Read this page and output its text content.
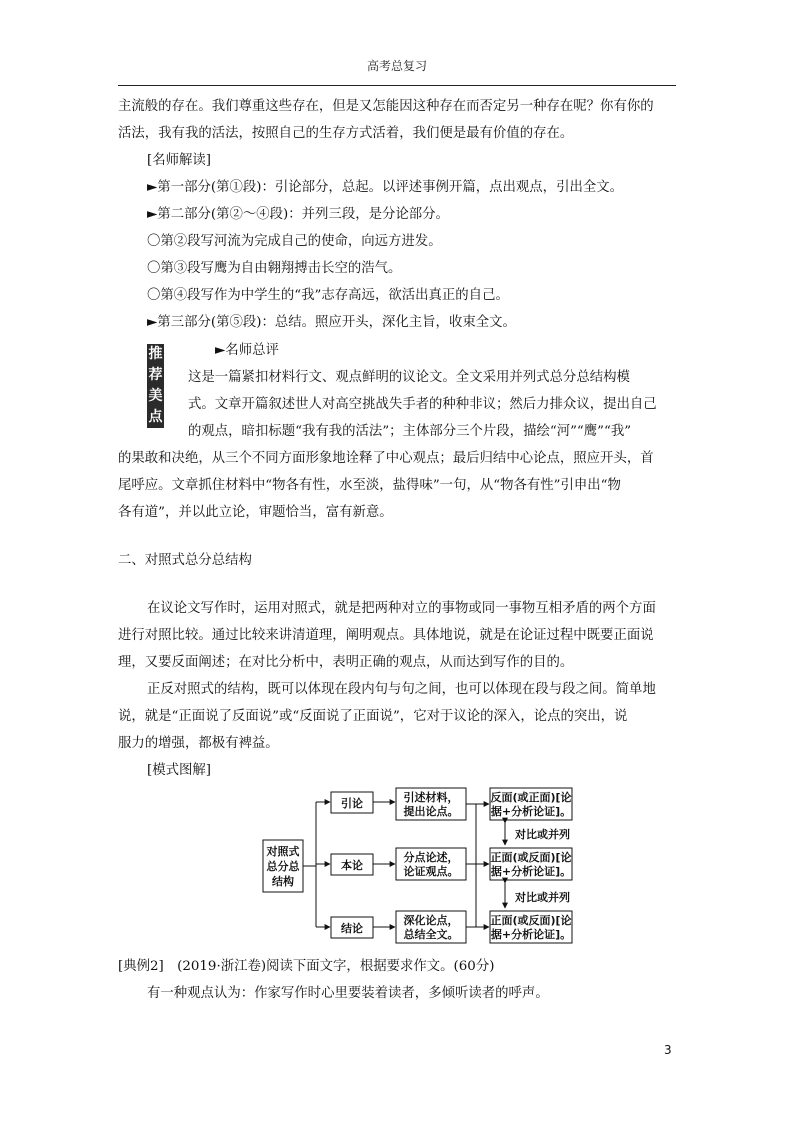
高考总复习

主流般的存在。我们尊重这些存在，但是又怎能因这种存在而否定另一种存在呢？你有你的

活法，我有我的活法，按照自己的生存方式活着，我们便是最有价值的存在。

[名师解读]

►第一部分(第①段)：引论部分，总起。以评述事例开篇，点出观点，引出全文。

►第二部分(第②～④段)：并列三段，是分论部分。

〇第②段写河流为完成自己的使命，向远方进发。

〇第③段写鹰为自由翱翔搏击长空的浩气。

〇第④段写作为中学生的“我”志存高远，欲活出真正的自己。

►第三部分(第⑤段)：总结。照应开头，深化主旨，收束全文。

推
荐
美
点

►名师总评

这是一篇紧扣材料行文、观点鲜明的议论文。全文采用并列式总分总结构模

式。文章开篇叙述世人对高空挑战失手者的种种非议；然后力排众议，提出自己

的观点，暗扣标题“我有我的活法”；主体部分三个片段，描绘“河”“鹰”“我”

的果敢和决绝，从三个不同方面形象地诠释了中心观点；最后归结中心论点，照应开头，首

尾呼应。文章抓住材料中“物各有性，水至淡，盐得味”一句，从“物各有性”引申出“物

各有道”，并以此立论，审题恰当，富有新意。

二、对照式总分总结构

在议论文写作时，运用对照式，就是把两种对立的事物或同一事物互相矛盾的两个方面

进行对照比较。通过比较来讲清道理，阐明观点。具体地说，就是在论证过程中既要正面说

理，又要反面阐述；在对比分析中，表明正确的观点，从而达到写作的目的。

正反对照式的结构，既可以体现在段内句与句之间，也可以体现在段与段之间。简单地

说，就是“正面说了反面说”或“反面说了正面说”，它对于议论的深入，论点的突出，说

服力的增强，都极有裨益。

[模式图解]

对照式
总分总
结构
引论
本论
结论
引述材料，
提出论点。
分点论述，
论证观点。
深化论点，
总结全文。
反面(或正面)[论
据+分析论证]。
正面(或反面)[论
据+分析论证]。
正面(或反面)[论
据+分析论证]。
对比或并列
对比或并列

[典例2]　(2019·浙江卷)阅读下面文字，根据要求作文。(60分)

有一种观点认为：作家写作时心里要装着读者，多倾听读者的呼声。

3
